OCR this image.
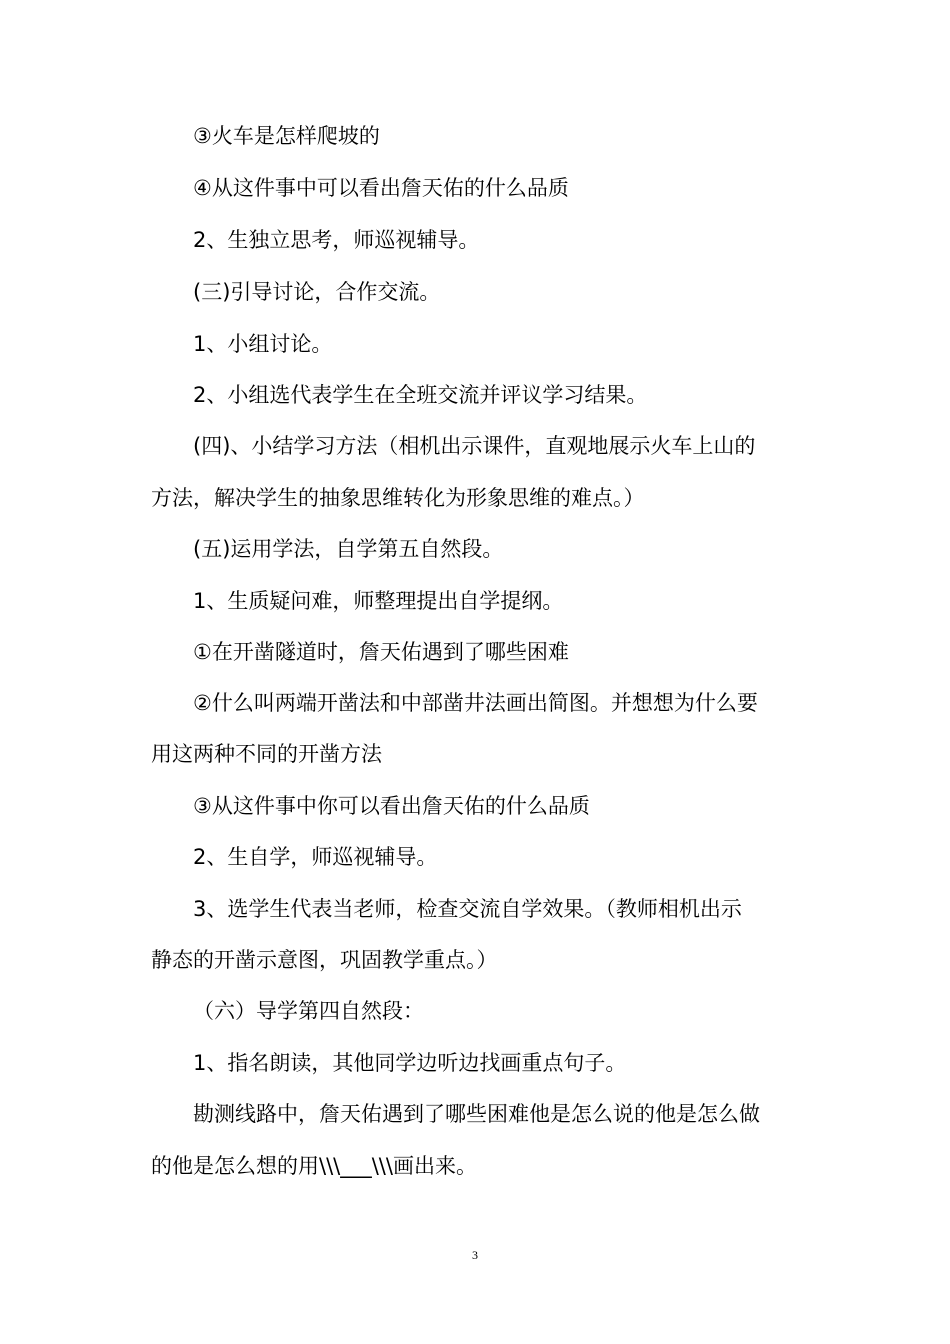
③火车是怎样爬坡的
④从这件事中可以看出詹天佑的什么品质
2、生独立思考，师巡视辅导。
(三)引导讨论，合作交流。
1、小组讨论。
2、小组选代表学生在全班交流并评议学习结果。
(四)、小结学习方法（相机出示课件，直观地展示火车上山的
方法，解决学生的抽象思维转化为形象思维的难点。）
(五)运用学法，自学第五自然段。
1、生质疑问难，师整理提出自学提纲。
①在开凿隧道时，詹天佑遇到了哪些困难
②什么叫两端开凿法和中部凿井法画出简图。并想想为什么要
用这两种不同的开凿方法
③从这件事中你可以看出詹天佑的什么品质
2、生自学，师巡视辅导。
3、选学生代表当老师，检查交流自学效果。（教师相机出示
静态的开凿示意图，巩固教学重点。）
（六）导学第四自然段：
1、指名朗读，其他同学边听边找画重点句子。
勘测线路中，詹天佑遇到了哪些困难他是怎么说的他是怎么做
的他是怎么想的用\\\___\\\画出来。
3
